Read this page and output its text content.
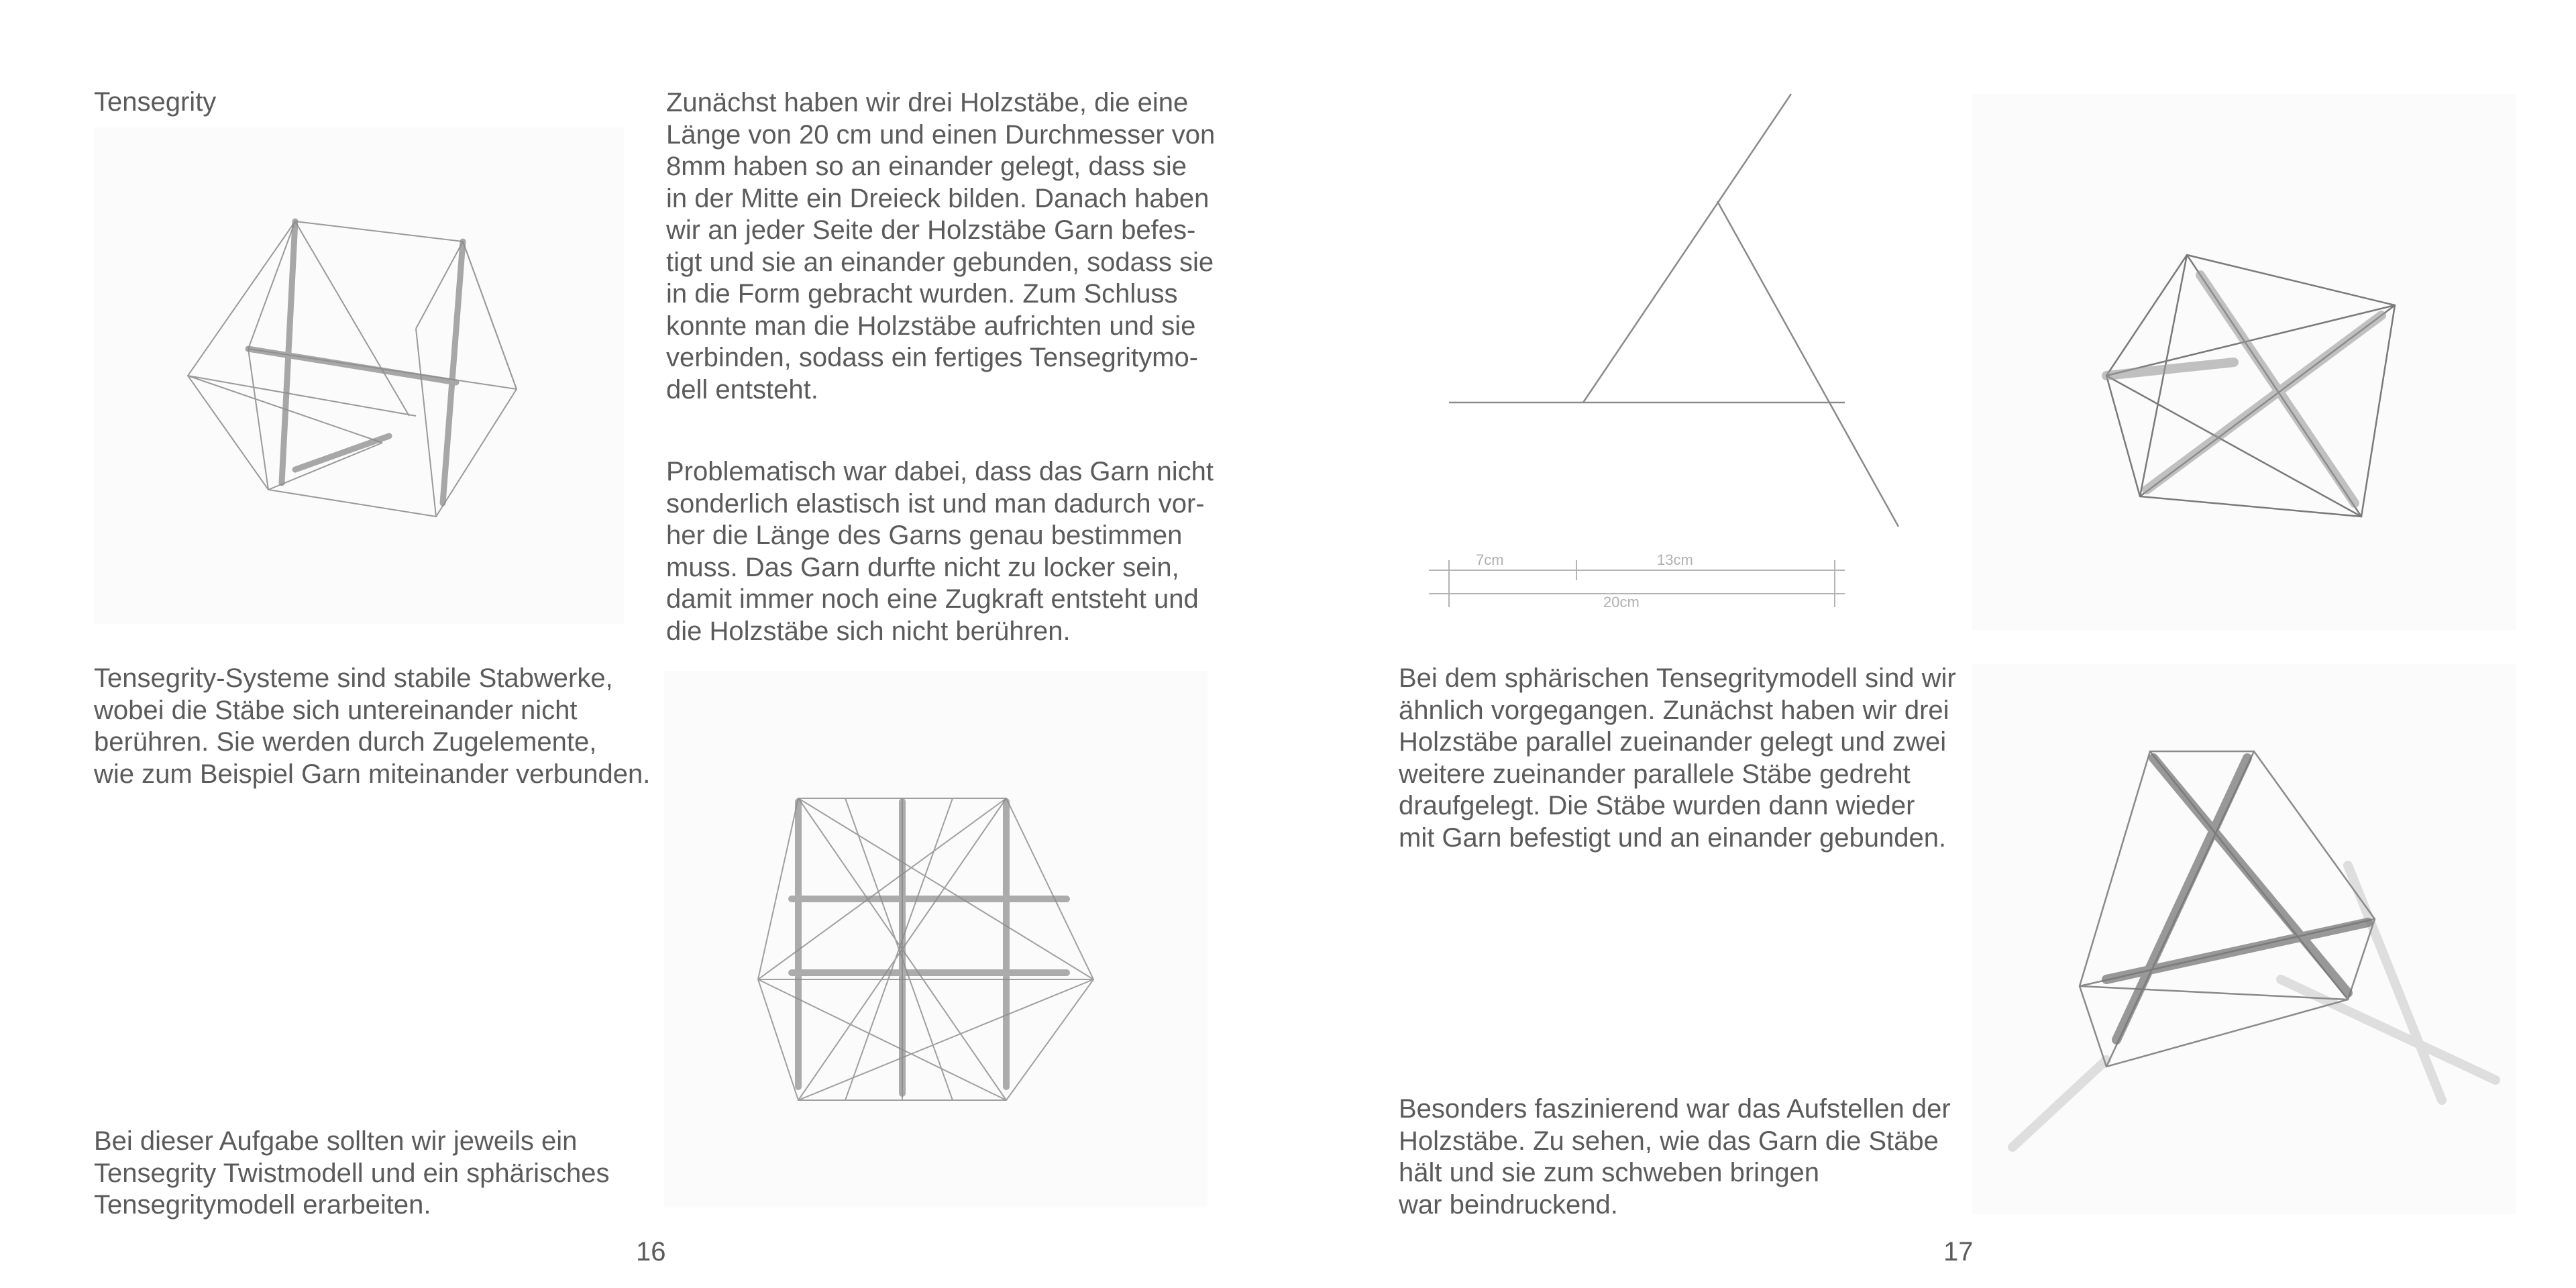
Tensegrity
Tensegrity-Systeme sind stabile Stabwerke,
wobei die Stäbe sich untereinander nicht
berühren. Sie werden durch Zugelemente,
wie zum Beispiel Garn miteinander verbunden.
Bei dieser Aufgabe sollten wir jeweils ein
Tensegrity Twistmodell und ein sphärisches
Tensegritymodell erarbeiten.
Zunächst haben wir drei Holzstäbe, die eine
Länge von 20 cm und einen Durchmesser von
8mm haben so an einander gelegt, dass sie
in der Mitte ein Dreieck bilden. Danach haben
wir an jeder Seite der Holzstäbe Garn befes-
tigt und sie an einander gebunden, sodass sie
in die Form gebracht wurden. Zum Schluss
konnte man die Holzstäbe aufrichten und sie
verbinden, sodass ein fertiges Tensegritymo-
dell entsteht.
Problematisch war dabei, dass das Garn nicht
sonderlich elastisch ist und man dadurch vor-
her die Länge des Garns genau bestimmen
muss. Das Garn durfte nicht zu locker sein,
damit immer noch eine Zugkraft entsteht und
die Holzstäbe sich nicht berühren.
16
7cm	13cm
20cm
Bei dem sphärischen Tensegritymodell sind wir
ähnlich vorgegangen. Zunächst haben wir drei
Holzstäbe parallel zueinander gelegt und zwei
weitere zueinander parallele Stäbe gedreht
draufgelegt. Die Stäbe wurden dann wieder
mit Garn befestigt und an einander gebunden.
Besonders faszinierend war das Aufstellen der
Holzstäbe. Zu sehen, wie das Garn die Stäbe
hält und sie zum schweben bringen
war beindruckend.
17
